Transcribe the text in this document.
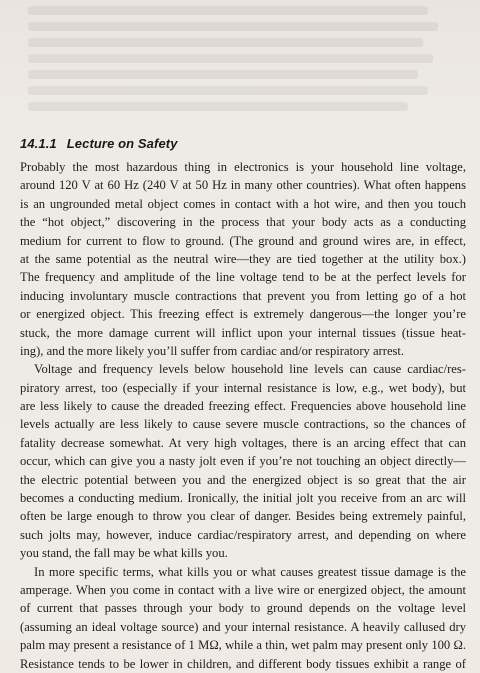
14.1.1 Lecture on Safety
Probably the most hazardous thing in electronics is your household line voltage,
around 120 V at 60 Hz (240 V at 50 Hz in many other countries). What often happens
is an ungrounded metal object comes in contact with a hot wire, and then you touch
the “hot object,” discovering in the process that your body acts as a conducting
medium for current to flow to ground. (The ground and ground wires are, in effect,
at the same potential as the neutral wire—they are tied together at the utility box.)
The frequency and amplitude of the line voltage tend to be at the perfect levels for
inducing involuntary muscle contractions that prevent you from letting go of a hot
or energized object. This freezing effect is extremely dangerous—the longer you’re
stuck, the more damage current will inflict upon your internal tissues (tissue heat-
ing), and the more likely you’ll suffer from cardiac and/or respiratory arrest.
Voltage and frequency levels below household line levels can cause cardiac/res-
piratory arrest, too (especially if your internal resistance is low, e.g., wet body), but
are less likely to cause the dreaded freezing effect. Frequencies above household line
levels actually are less likely to cause severe muscle contractions, so the chances of
fatality decrease somewhat. At very high voltages, there is an arcing effect that can
occur, which can give you a nasty jolt even if you’re not touching an object directly—
the electric potential between you and the energized object is so great that the air
becomes a conducting medium. Ironically, the initial jolt you receive from an arc will
often be large enough to throw you clear of danger. Besides being extremely painful,
such jolts may, however, induce cardiac/respiratory arrest, and depending on where
you stand, the fall may be what kills you.
In more specific terms, what kills you or what causes greatest tissue damage is the
amperage. When you come in contact with a live wire or energized object, the amount
of current that passes through your body to ground depends on the voltage level
(assuming an ideal voltage source) and your internal resistance. A heavily callused dry
palm may present a resistance of 1 MΩ, while a thin, wet palm may present only 100 Ω.
Resistance tends to be lower in children, and different body tissues exhibit a range of
